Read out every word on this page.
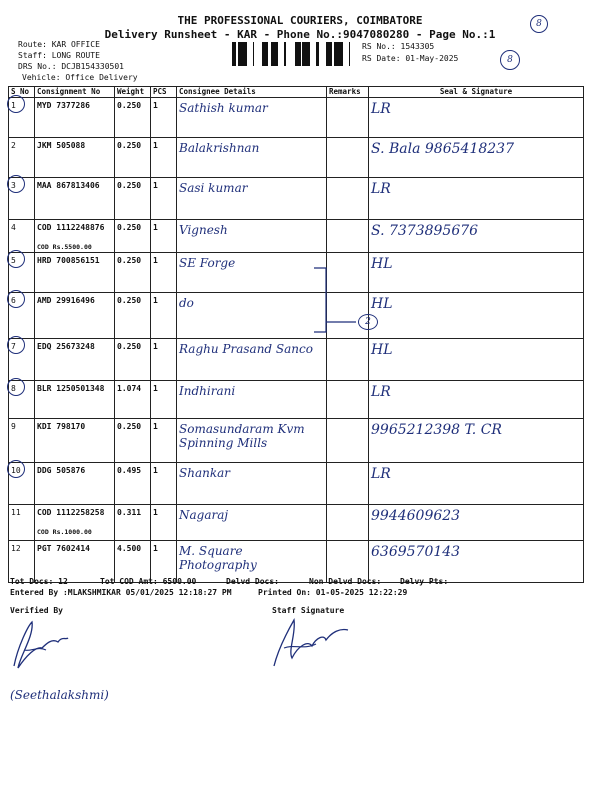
THE PROFESSIONAL COURIERS, COIMBATORE
Delivery Runsheet - KAR - Phone No.:9047080280 - Page No.:1
Route: KAR OFFICE
Staff: LONG ROUTE
DRS No.: DCJB154330501
Vehicle: Office Delivery
RS No.: 1543305
RS Date: 01-May-2025
8
8
S No	Consignment No	Weight	PCS	Consignee Details	Remarks	Seal & Signature

1	MYD 7377286	0.250	1	Sathish kumar		LR

2	JKM 505088	0.250	1	Balakrishnan		S. Bala 9865418237

3	MAA 867813406	0.250	1	Sasi kumar		LR

4	COD 1112248876
COD Rs.5500.00	0.250	1	Vignesh		S. 7373895676

5	HRD 700856151	0.250	1	SE Forge		HL

6	AMD 29916496	0.250	1	do		HL

7	EDQ 25673248	0.250	1	Raghu Prasand Sanco		HL

8	BLR 1250501348	1.074	1	Indhirani		LR

9	KDI 798170	0.250	1	Somasundaram Kvm Spinning Mills		9965212398 T. CR

10	DDG 505876	0.495	1	Shankar		LR

11	COD 1112258258
COD Rs.1000.00	0.311	1	Nagaraj		9944609623

12	PGT 7602414	4.500	1	M. Square Photography		6369570143
2
Tot Docs: 12	Tot COD Amt: 6500.00	Delvd Docs:	Non Delvd Docs: Delvy Pts:
Entered By :MLAKSHMIKAR 05/01/2025 12:18:27 PM	Printed On: 01-05-2025 12:22:29
Verified By	Staff Signature
(Seethalakshmi)
